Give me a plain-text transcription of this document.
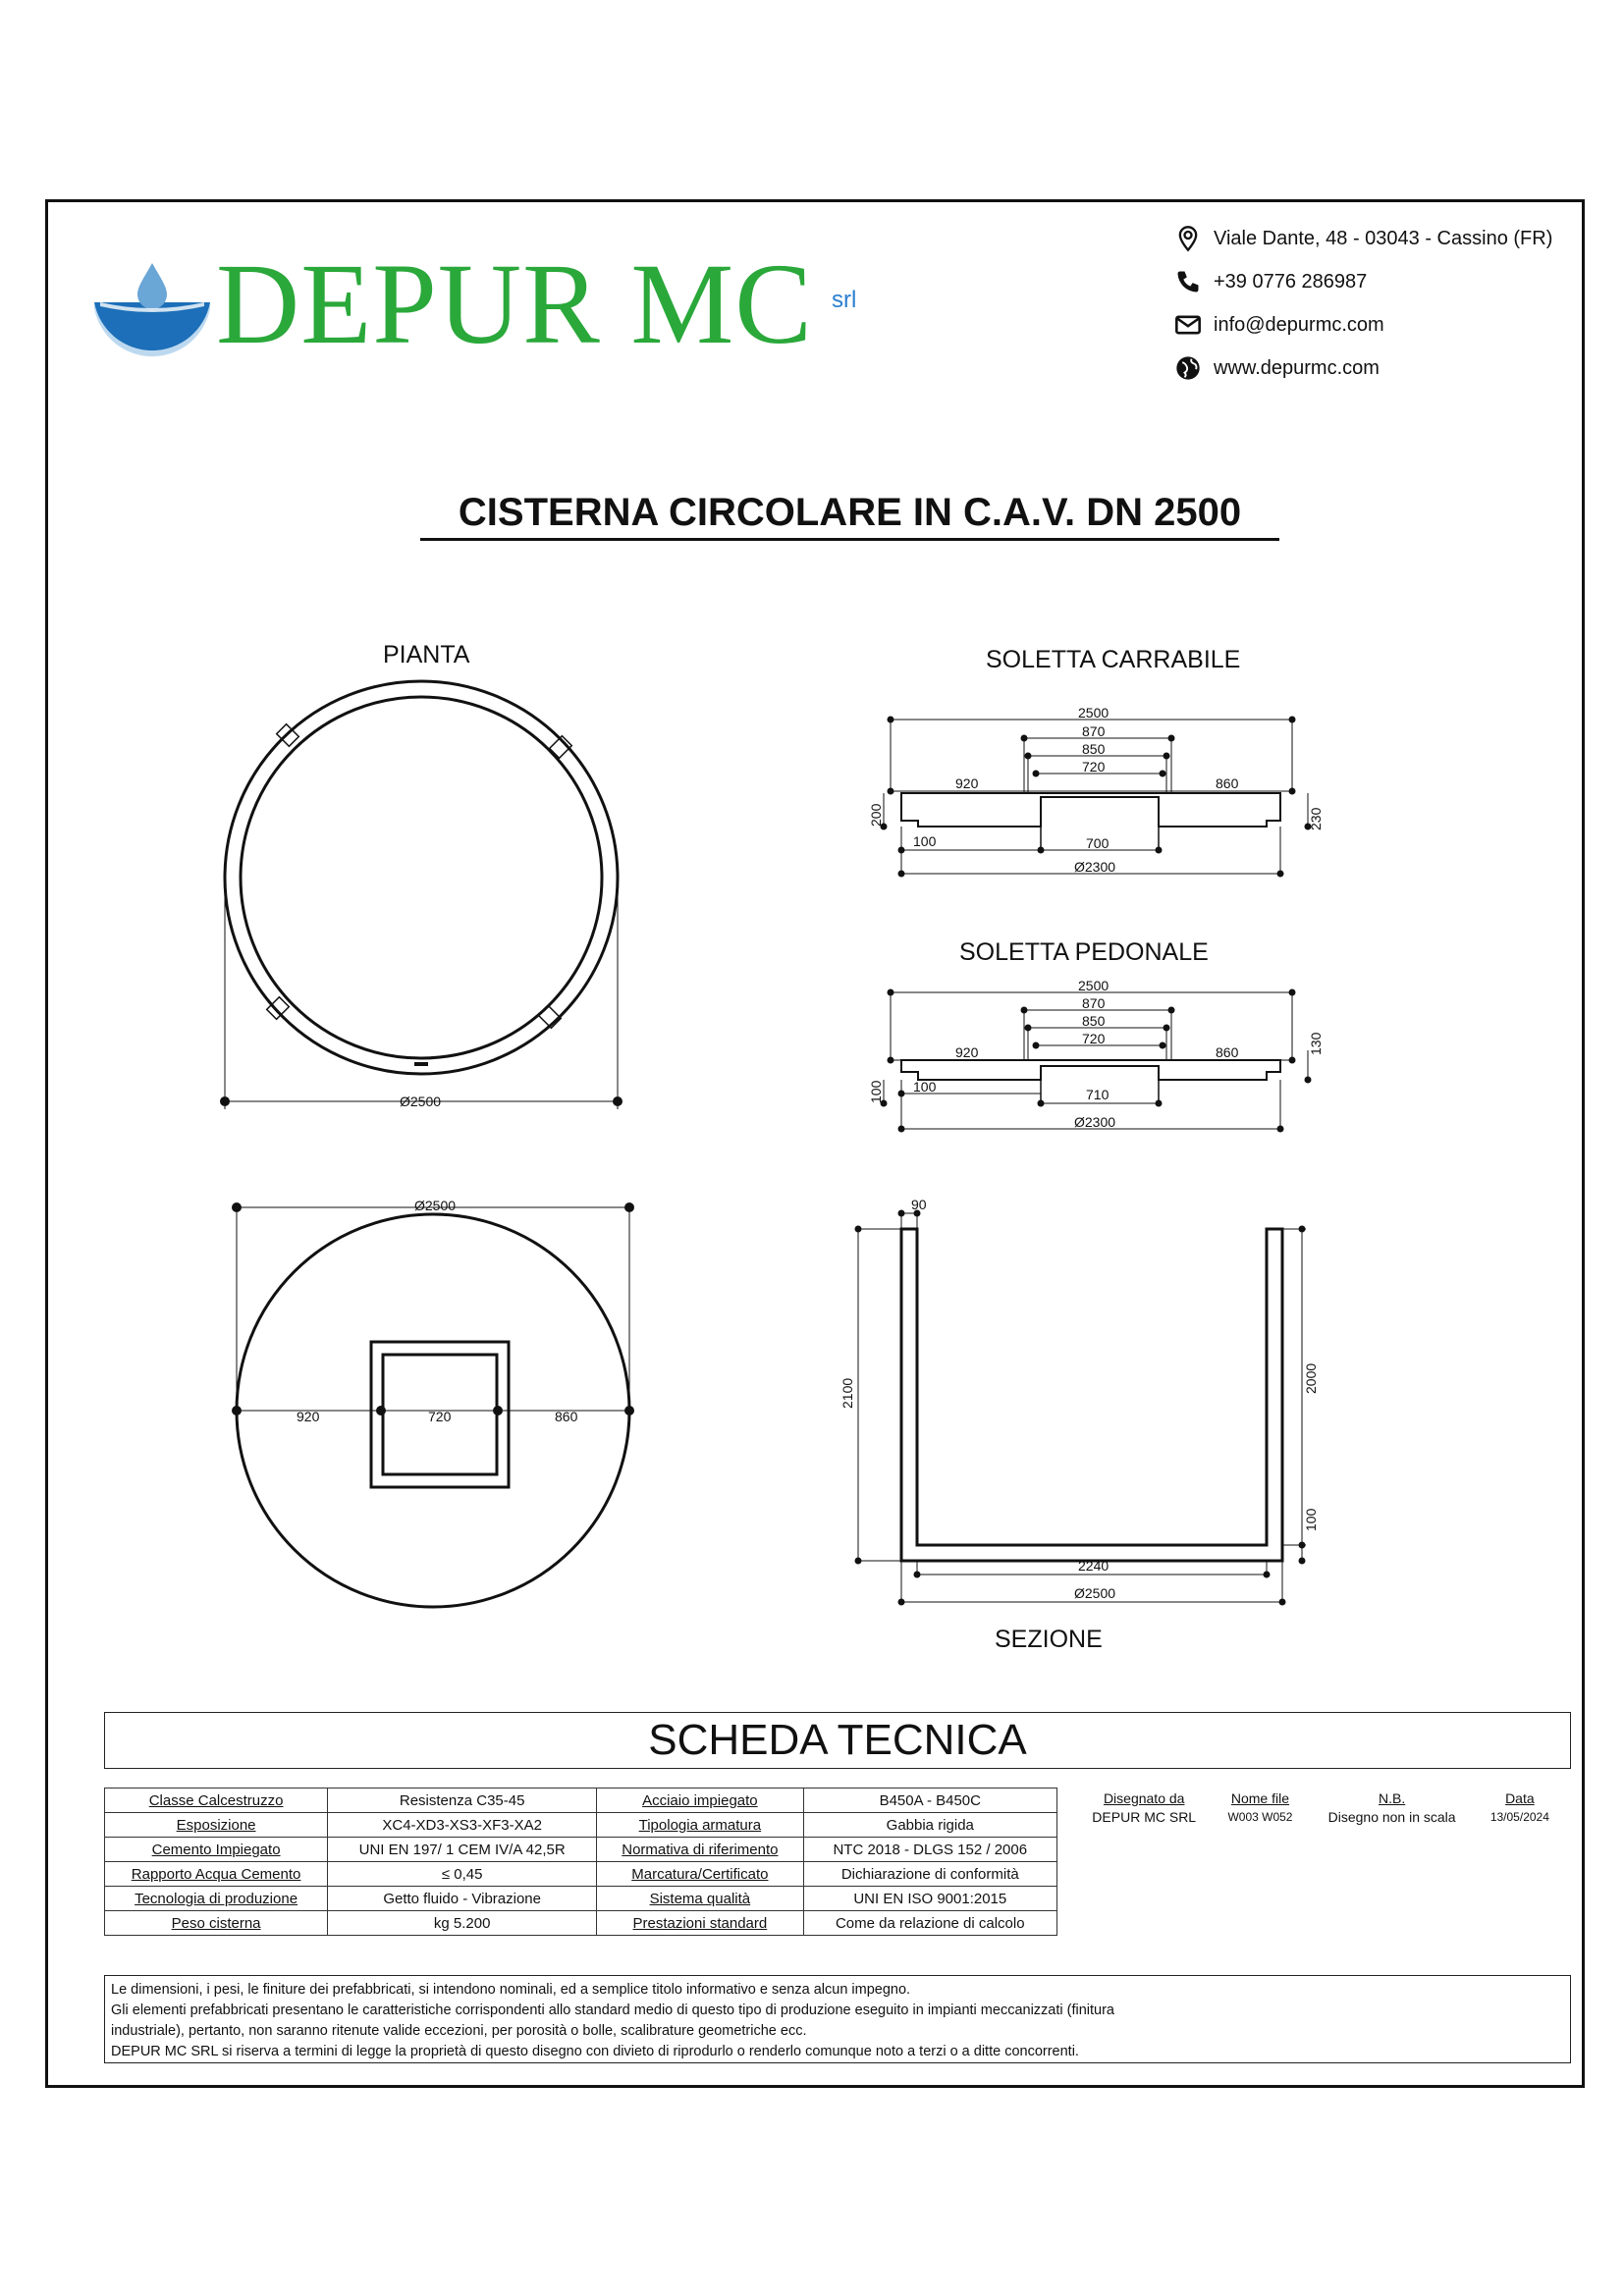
DEPUR MC srl
Viale Dante, 48 - 03043 - Cassino (FR)
+39 0776 286987
info@depurmc.com
www.depurmc.com
CISTERNA CIRCOLARE IN C.A.V. DN 2500
PIANTA	SOLETTA CARRABILE
SOLETTA PEDONALE
SEZIONE
Ø2500
Ø2500
920	720	860
2500
870
850
720
920	860
200	230
100	700
Ø2300
2500
870
850
720
920	860	130
100 100	710
Ø2300
90
2100	2000
100
2240
Ø2500
SCHEDA TECNICA
Classe Calcestruzzo	Resistenza C35-45	Acciaio impiegato	B450A - B450C
Esposizione	XC4-XD3-XS3-XF3-XA2	Tipologia armatura	Gabbia rigida
Cemento Impiegato	UNI EN 197/ 1 CEM IV/A 42,5R	Normativa di riferimento	NTC 2018 - DLGS 152 / 2006
Rapporto Acqua Cemento	≤ 0,45	Marcatura/Certificato	Dichiarazione di conformità
Tecnologia di produzione	Getto fluido - Vibrazione	Sistema qualità	UNI EN ISO 9001:2015
Peso cisterna	kg 5.200	Prestazioni standard	Come da relazione di calcolo
Disegnato da	Nome file	N.B.	Data
DEPUR MC SRL	W003 W052	Disegno non in scala	13/05/2024
Le dimensioni, i pesi, le finiture dei prefabbricati, si intendono nominali, ed a semplice titolo informativo e senza alcun impegno.
Gli elementi prefabbricati presentano le caratteristiche corrispondenti allo standard medio di questo tipo di produzione eseguito in impianti meccanizzati (finitura
industriale), pertanto, non saranno ritenute valide eccezioni, per porosità o bolle, scalibrature geometriche ecc.
DEPUR MC SRL si riserva a termini di legge la proprietà di questo disegno con divieto di riprodurlo o renderlo comunque noto a terzi o a ditte concorrenti.
